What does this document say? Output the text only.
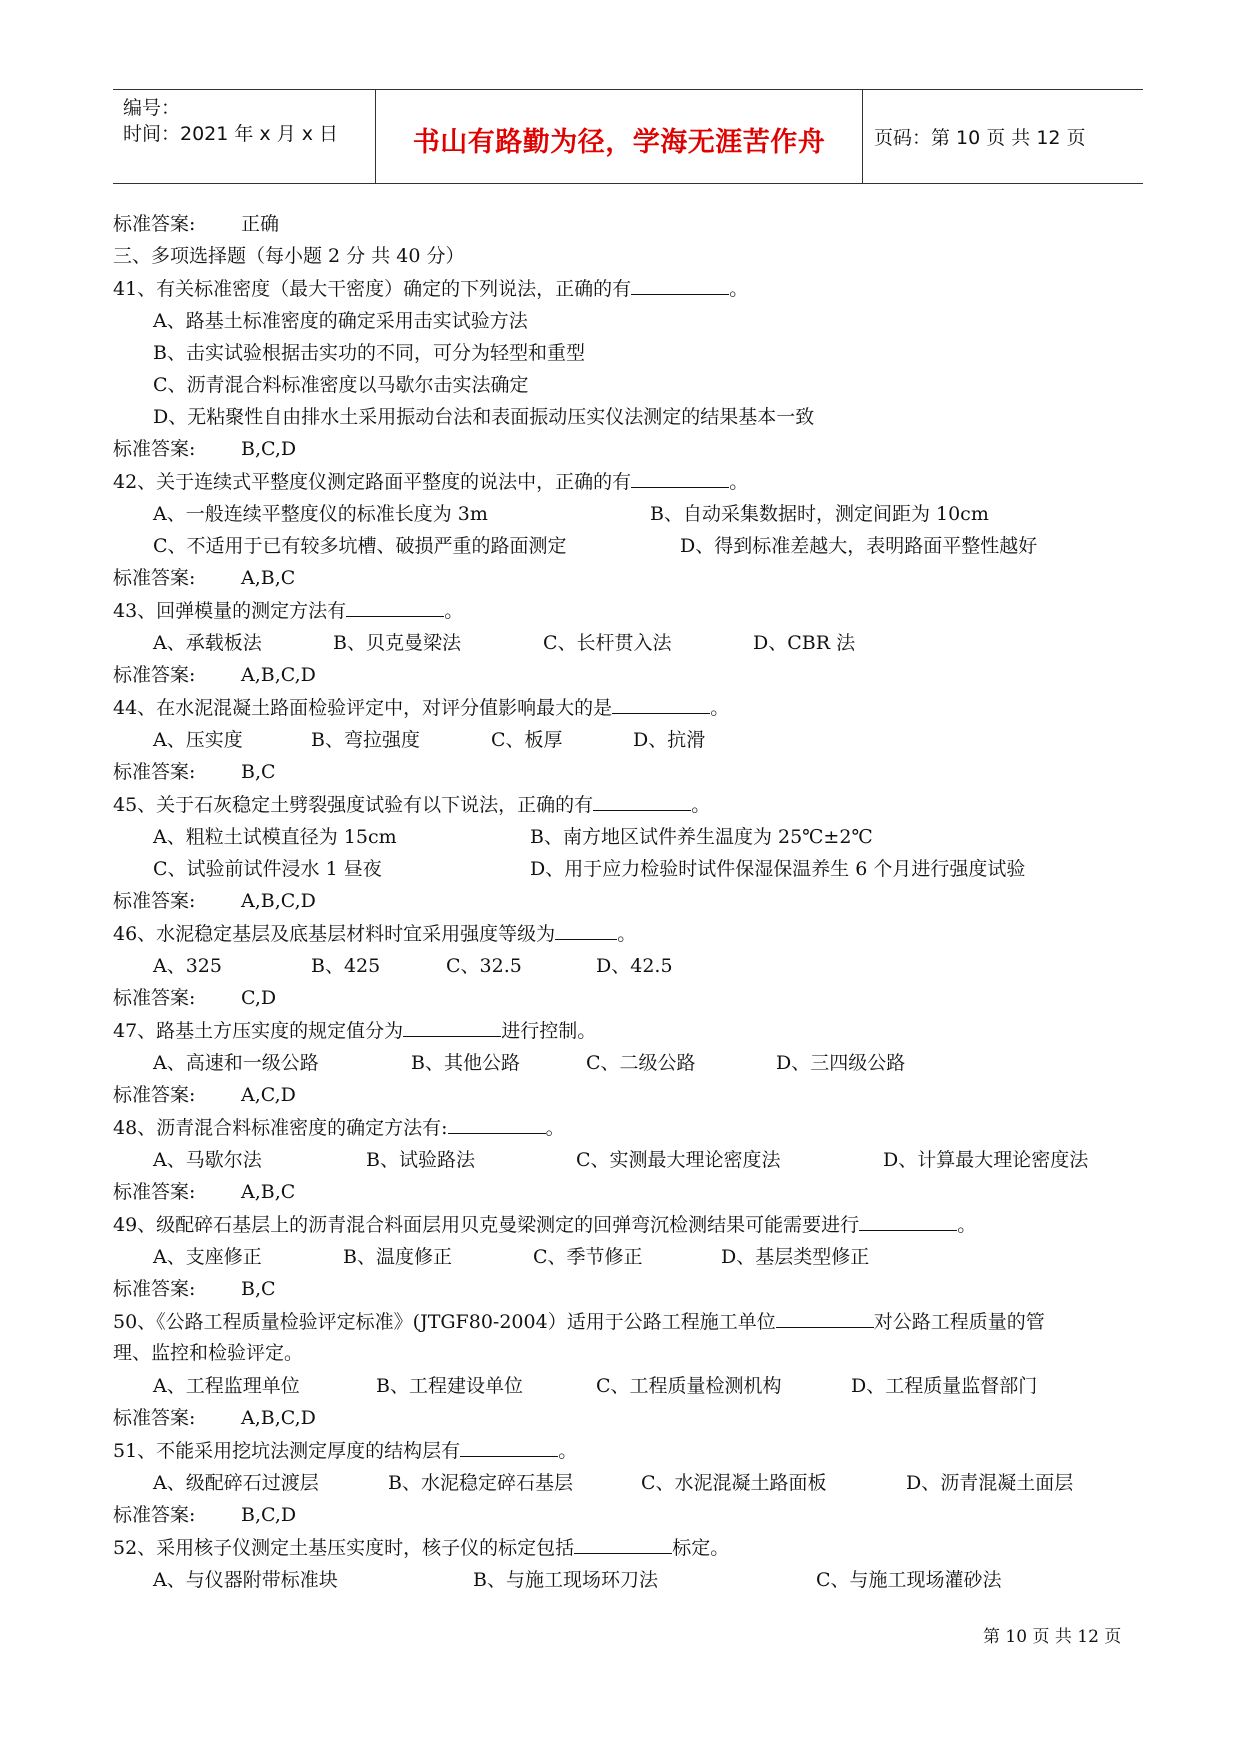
编号：
时间：2021 年 x 月 x 日	书山有路勤为径，学海无涯苦作舟	页码：第 10 页 共 12 页
标准答案: 正确
三、多项选择题（每小题 2 分 共 40 分）
41、有关标准密度（最大干密度）确定的下列说法，正确的有	。
A、路基土标准密度的确定采用击实试验方法
B、击实试验根据击实功的不同，可分为轻型和重型
C、沥青混合料标准密度以马歇尔击实法确定
D、无粘聚性自由排水土采用振动台法和表面振动压实仪法测定的结果基本一致
标准答案: B,C,D
42、关于连续式平整度仪测定路面平整度的说法中，正确的有	。
A、一般连续平整度仪的标准长度为 3m	B、自动采集数据时，测定间距为 10cm
C、不适用于已有较多坑槽、破损严重的路面测定	D、得到标准差越大，表明路面平整性越好
标准答案: A,B,C
43、回弹模量的测定方法有	。
A、承载板法	B、贝克曼梁法	C、长杆贯入法	D、CBR 法
标准答案: A,B,C,D
44、在水泥混凝土路面检验评定中，对评分值影响最大的是	。
A、压实度	B、弯拉强度	C、板厚	D、抗滑
标准答案: B,C
45、关于石灰稳定土劈裂强度试验有以下说法，正确的有	。
A、粗粒土试模直径为 15cm	B、南方地区试件养生温度为 25℃±2℃
C、试验前试件浸水 1 昼夜	D、用于应力检验时试件保湿保温养生 6 个月进行强度试验
标准答案: A,B,C,D
46、水泥稳定基层及底基层材料时宜采用强度等级为	。
A、325	B、425	C、32.5	D、42.5
标准答案: C,D
47、路基土方压实度的规定值分为	进行控制。
A、高速和一级公路	B、其他公路	C、二级公路	D、三四级公路
标准答案: A,C,D
48、沥青混合料标准密度的确定方法有:	。
A、马歇尔法	B、试验路法	C、实测最大理论密度法	D、计算最大理论密度法
标准答案: A,B,C
49、级配碎石基层上的沥青混合料面层用贝克曼梁测定的回弹弯沉检测结果可能需要进行	。
A、支座修正	B、温度修正	C、季节修正	D、基层类型修正
标准答案: B,C
50、《公路工程质量检验评定标准》(JTGF80-2004）适用于公路工程施工单位	对公路工程质量的管
理、监控和检验评定。
A、工程监理单位	B、工程建设单位	C、工程质量检测机构	D、工程质量监督部门
标准答案: A,B,C,D
51、不能采用挖坑法测定厚度的结构层有	。
A、级配碎石过渡层	B、水泥稳定碎石基层	C、水泥混凝土路面板	D、沥青混凝土面层
标准答案: B,C,D
52、采用核子仪测定土基压实度时，核子仪的标定包括	标定。
A、与仪器附带标准块	B、与施工现场环刀法	C、与施工现场灌砂法
第 10 页 共 12 页
